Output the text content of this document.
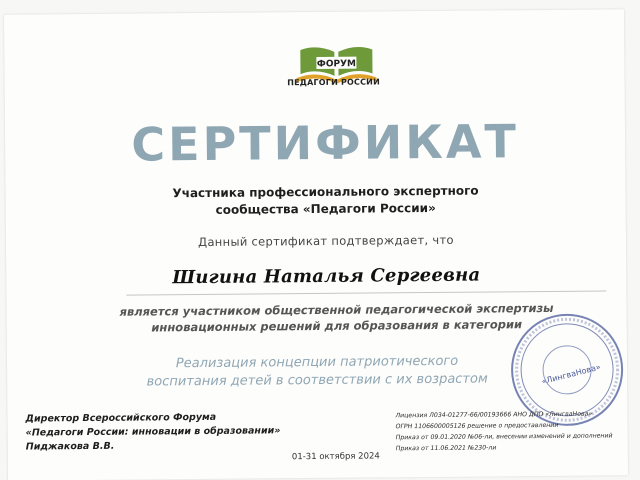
ФОРУМ
ПЕДАГОГИ РОССИИ
СЕРТИФИКАТ
Участника профессионального экспертного
сообщества «Педагоги России»
Данный сертификат подтверждает, что
Шигина Наталья Сергеевна
является участником общественной педагогической экспертизы
инновационных решений для образования в категории
Реализация концепции патриотического
воспитания детей в соответствии с их возрастом	«ЛингваНова»
Директор Всероссийского Форума
«Педагоги России: инновации в образовании»
Пиджакова В.В.
01-31 октября 2024
Лицензия Л034-01277-66/00193666 АНО ДПО «ЛингваНова»
ОГРН 1106600005126 решение о предоставлении
Приказ от 09.01.2020 №06-ли, внесении изменений и дополнений
Приказ от 11.06.2021 №230-ли
